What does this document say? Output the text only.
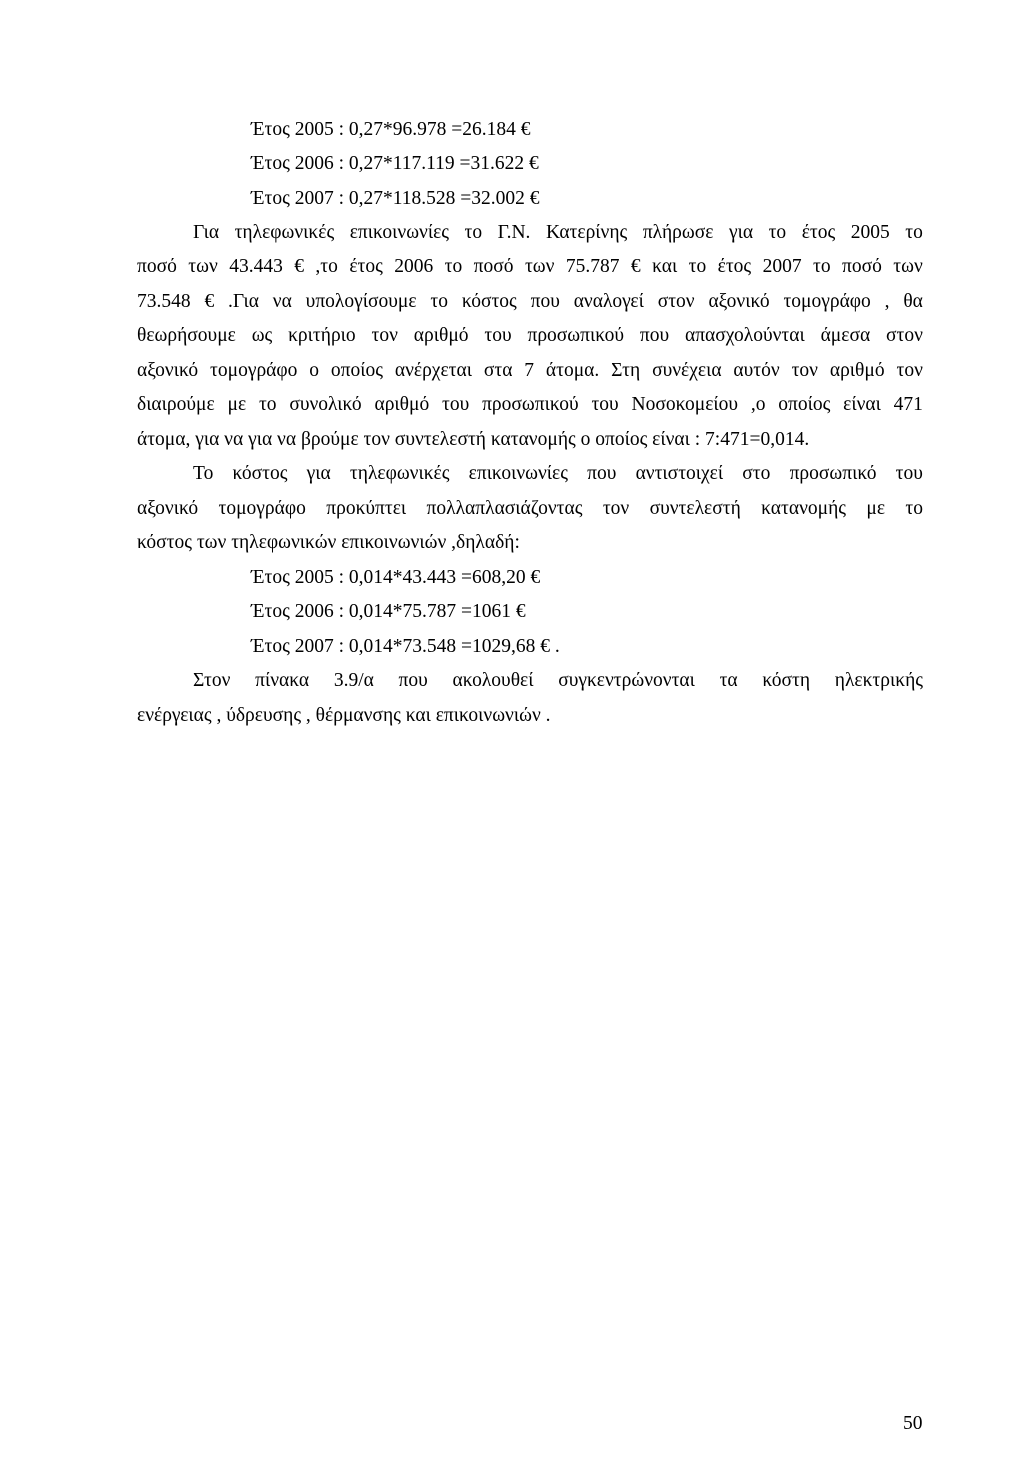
Έτος 2005 : 0,27*96.978 =26.184 €
Έτος 2006 : 0,27*117.119 =31.622 €
Έτος 2007 : 0,27*118.528 =32.002 €
Για τηλεφωνικές επικοινωνίες το Γ.Ν. Κατερίνης πλήρωσε για το έτος 2005 το
ποσό των 43.443 € ,το έτος 2006 το ποσό των 75.787 € και το έτος 2007 το ποσό των
73.548 € .Για να υπολογίσουμε το κόστος που αναλογεί στον αξονικό τομογράφο , θα
θεωρήσουμε ως κριτήριο τον αριθμό του προσωπικού που απασχολούνται άμεσα στον
αξονικό τομογράφο ο οποίος ανέρχεται στα 7 άτομα. Στη συνέχεια αυτόν τον αριθμό τον
διαιρούμε με το συνολικό αριθμό του προσωπικού του Νοσοκομείου ,ο οποίος είναι 471
άτομα, για να για να βρούμε τον συντελεστή κατανομής ο οποίος είναι : 7:471=0,014.
Το κόστος για τηλεφωνικές επικοινωνίες που αντιστοιχεί στο προσωπικό του
αξονικό τομογράφο προκύπτει πολλαπλασιάζοντας τον συντελεστή κατανομής με το
κόστος των τηλεφωνικών επικοινωνιών ,δηλαδή:
Έτος 2005 : 0,014*43.443 =608,20 €
Έτος 2006 : 0,014*75.787 =1061 €
Έτος 2007 : 0,014*73.548 =1029,68 € .
Στον πίνακα 3.9/α που ακολουθεί συγκεντρώνονται τα κόστη ηλεκτρικής
ενέργειας , ύδρευσης , θέρμανσης και επικοινωνιών .
50
